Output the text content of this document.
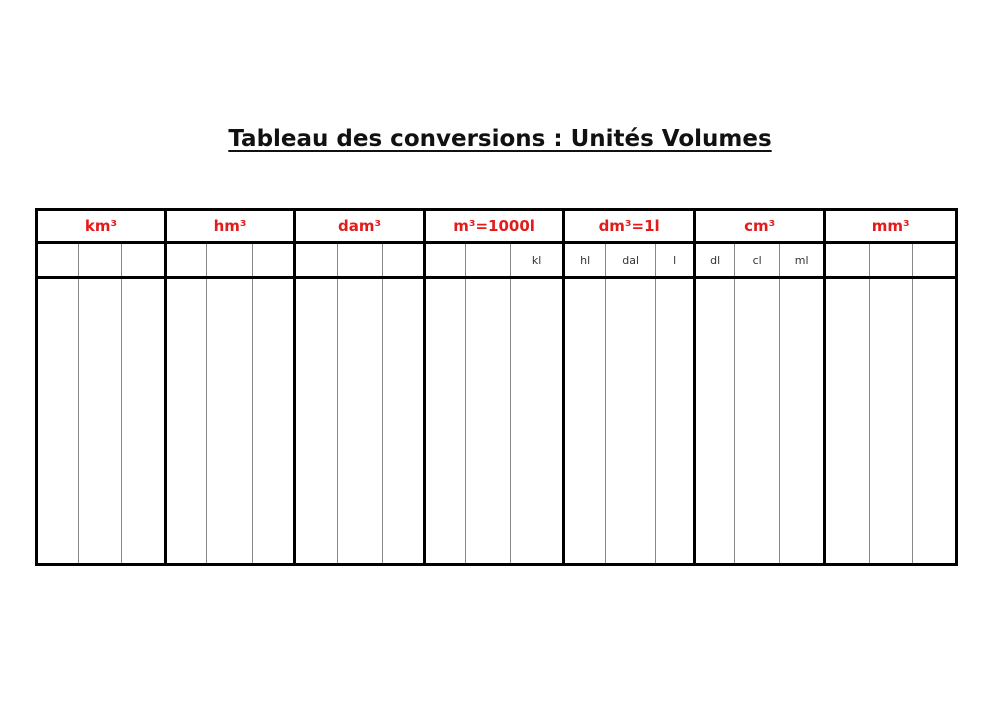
Tableau des conversions : Unités Volumes
km³			hm³			dam³			m³=1000l			dm³=1l			cm³			mm³		
											kl	hl	dal	l	dl	cl	ml			
